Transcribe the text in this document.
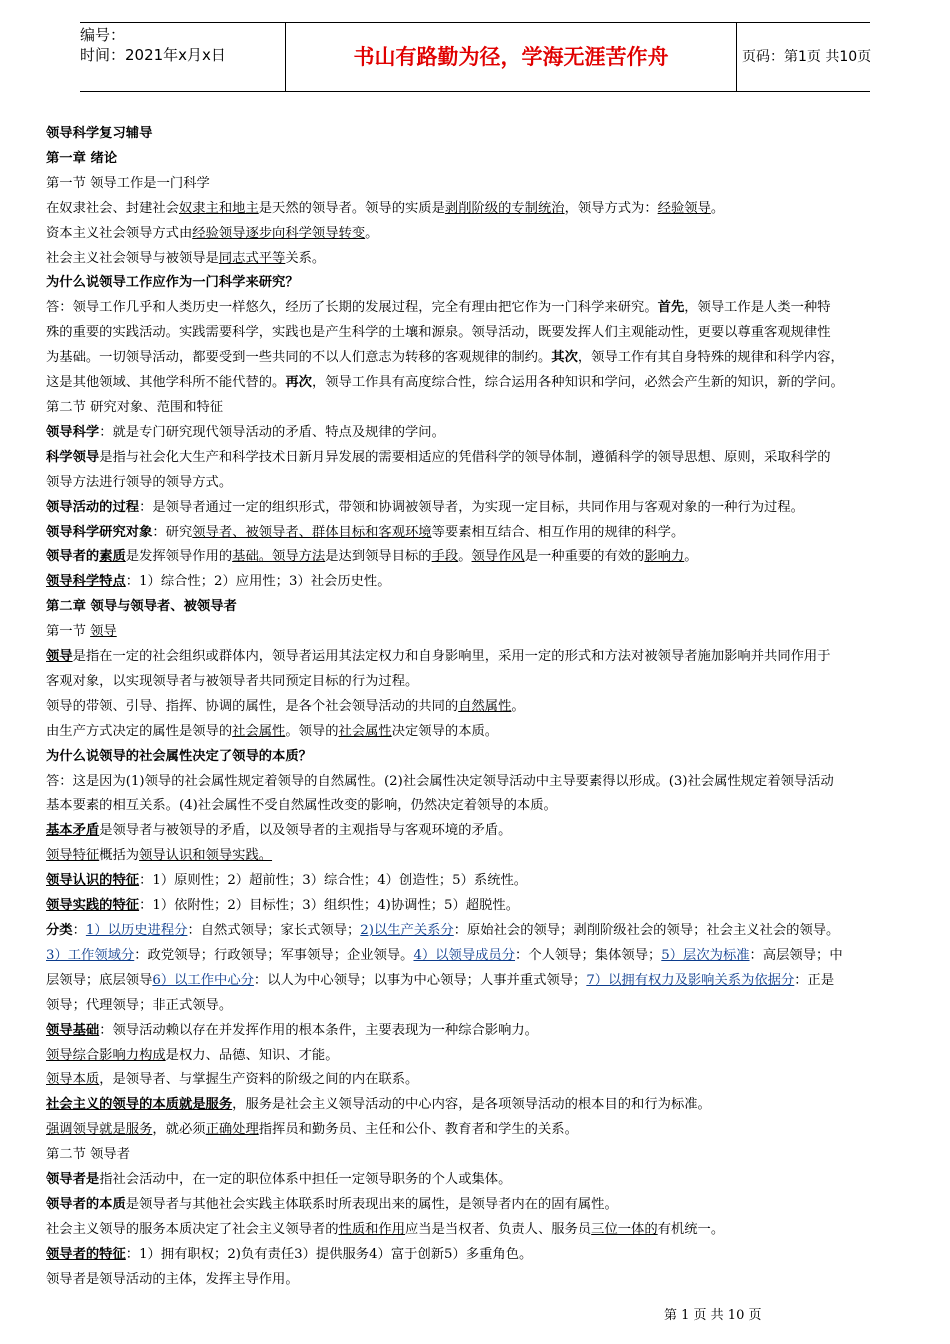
编号：
时间：2021年x月x日	书山有路勤为径，学海无涯苦作舟	页码：第1页 共10页
领导科学复习辅导
第一章 绪论
第一节 领导工作是一门科学
在奴隶社会、封建社会奴隶主和地主是天然的领导者。领导的实质是剥削阶级的专制统治，领导方式为：经验领导。
资本主义社会领导方式由经验领导逐步向科学领导转变。
社会主义社会领导与被领导是同志式平等关系。
为什么说领导工作应作为一门科学来研究？
答：领导工作几乎和人类历史一样悠久，经历了长期的发展过程，完全有理由把它作为一门科学来研究。首先，领导工作是人类一种特
殊的重要的实践活动。实践需要科学，实践也是产生科学的土壤和源泉。领导活动，既要发挥人们主观能动性，更要以尊重客观规律性
为基础。一切领导活动，都要受到一些共同的不以人们意志为转移的客观规律的制约。其次，领导工作有其自身特殊的规律和科学内容，
这是其他领域、其他学科所不能代替的。再次，领导工作具有高度综合性，综合运用各种知识和学问，必然会产生新的知识，新的学问。
第二节 研究对象、范围和特征
领导科学：就是专门研究现代领导活动的矛盾、特点及规律的学问。
科学领导是指与社会化大生产和科学技术日新月异发展的需要相适应的凭借科学的领导体制，遵循科学的领导思想、原则，采取科学的
领导方法进行领导的领导方式。
领导活动的过程：是领导者通过一定的组织形式，带领和协调被领导者，为实现一定目标，共同作用与客观对象的一种行为过程。
领导科学研究对象：研究领导者、被领导者、群体目标和客观环境等要素相互结合、相互作用的规律的科学。
领导者的素质是发挥领导作用的基础。领导方法是达到领导目标的手段。领导作风是一种重要的有效的影响力。
领导科学特点：1）综合性；2）应用性；3）社会历史性。
第二章 领导与领导者、被领导者
第一节 领导
领导是指在一定的社会组织或群体内，领导者运用其法定权力和自身影响里，采用一定的形式和方法对被领导者施加影响并共同作用于
客观对象，以实现领导者与被领导者共同预定目标的行为过程。
领导的带领、引导、指挥、协调的属性，是各个社会领导活动的共同的自然属性。
由生产方式决定的属性是领导的社会属性。领导的社会属性决定领导的本质。
为什么说领导的社会属性决定了领导的本质？
答：这是因为(1)领导的社会属性规定着领导的自然属性。(2)社会属性决定领导活动中主导要素得以形成。(3)社会属性规定着领导活动
基本要素的相互关系。(4)社会属性不受自然属性改变的影响，仍然决定着领导的本质。
基本矛盾是领导者与被领导的矛盾，以及领导者的主观指导与客观环境的矛盾。
领导特征概括为领导认识和领导实践。
领导认识的特征：1）原则性；2）超前性；3）综合性；4）创造性；5）系统性。
领导实践的特征：1）依附性；2）目标性；3）组织性；4)协调性；5）超脱性。
分类：1）以历史进程分：自然式领导；家长式领导；2)以生产关系分：原始社会的领导；剥削阶级社会的领导；社会主义社会的领导。
3）工作领域分：政党领导；行政领导；军事领导；企业领导。4）以领导成员分：个人领导；集体领导；5）层次为标准：高层领导；中
层领导；底层领导6）以工作中心分：以人为中心领导；以事为中心领导；人事并重式领导；7）以拥有权力及影响关系为依据分：正是
领导；代理领导；非正式领导。
领导基础：领导活动赖以存在并发挥作用的根本条件，主要表现为一种综合影响力。
领导综合影响力构成是权力、品德、知识、才能。
领导本质，是领导者、与掌握生产资料的阶级之间的内在联系。
社会主义的领导的本质就是服务，服务是社会主义领导活动的中心内容，是各项领导活动的根本目的和行为标准。
强调领导就是服务，就必须正确处理指挥员和勤务员、主任和公仆、教育者和学生的关系。
第二节 领导者
领导者是指社会活动中，在一定的职位体系中担任一定领导职务的个人或集体。
领导者的本质是领导者与其他社会实践主体联系时所表现出来的属性，是领导者内在的固有属性。
社会主义领导的服务本质决定了社会主义领导者的性质和作用应当是当权者、负责人、服务员三位一体的有机统一。
领导者的特征：1）拥有职权；2)负有责任3）提供服务4）富于创新5）多重角色。
领导者是领导活动的主体，发挥主导作用。
第 1 页 共 10 页
